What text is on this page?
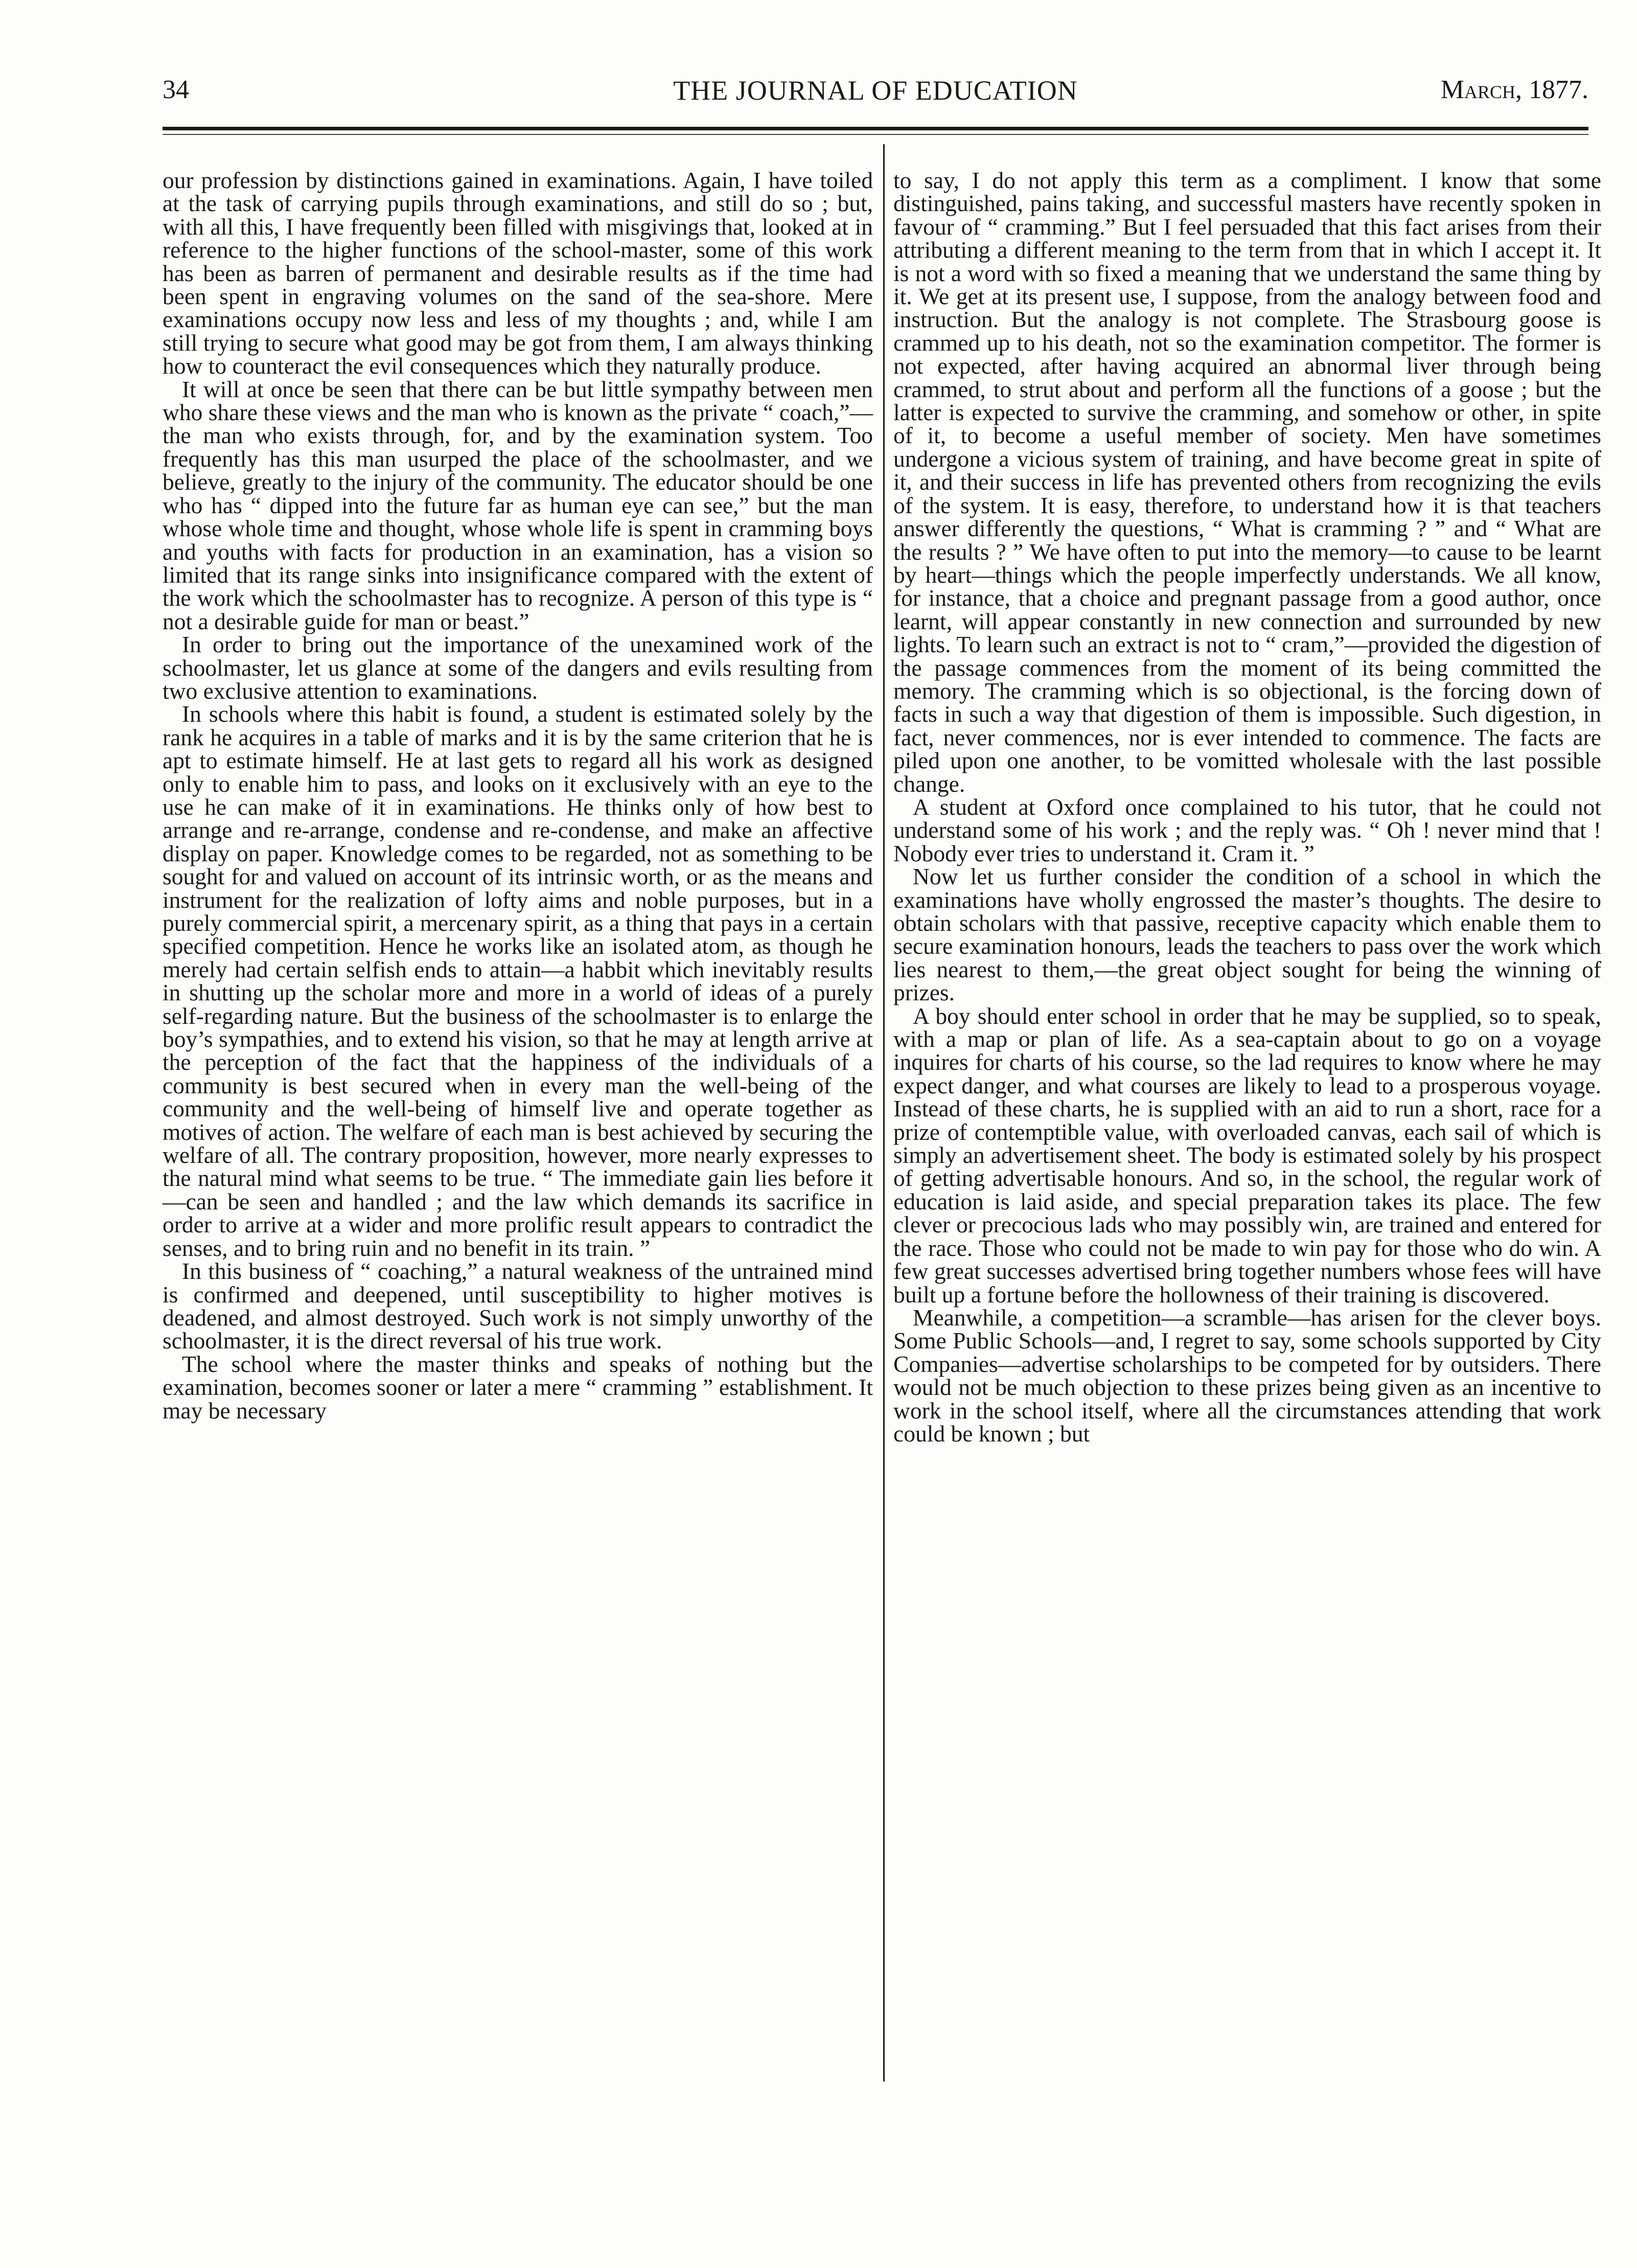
34	THE JOURNAL OF EDUCATION	March, 1877.

our profession by distinctions gained in examinations. Again, I have toiled at the task of carrying pupils through examinations, and still do so ; but, with all this, I have frequently been filled with misgivings that, looked at in reference to the higher functions of the school-master, some of this work has been as barren of permanent and desirable results as if the time had been spent in engraving volumes on the sand of the sea-shore. Mere examinations occupy now less and less of my thoughts ; and, while I am still trying to secure what good may be got from them, I am always thinking how to counteract the evil consequences which they naturally produce.

It will at once be seen that there can be but little sympathy between men who share these views and the man who is known as the private “ coach,”—the man who exists through, for, and by the examination system. Too frequently has this man usurped the place of the schoolmaster, and we believe, greatly to the injury of the community. The educator should be one who has “ dipped into the future far as human eye can see,” but the man whose whole time and thought, whose whole life is spent in cramming boys and youths with facts for production in an examination, has a vision so limited that its range sinks into insignificance compared with the extent of the work which the schoolmaster has to recognize. A person of this type is “ not a desirable guide for man or beast.”

In order to bring out the importance of the unexamined work of the schoolmaster, let us glance at some of the dangers and evils resulting from two exclusive attention to examinations.

In schools where this habit is found, a student is estimated solely by the rank he acquires in a table of marks and it is by the same criterion that he is apt to estimate himself. He at last gets to regard all his work as designed only to enable him to pass, and looks on it exclusively with an eye to the use he can make of it in examinations. He thinks only of how best to arrange and re-arrange, condense and re-condense, and make an affective display on paper. Knowledge comes to be regarded, not as something to be sought for and valued on account of its intrinsic worth, or as the means and instrument for the realization of lofty aims and noble purposes, but in a purely commercial spirit, a mercenary spirit, as a thing that pays in a certain specified competition. Hence he works like an isolated atom, as though he merely had certain selfish ends to attain—a habbit which inevitably results in shutting up the scholar more and more in a world of ideas of a purely self-regarding nature. But the business of the schoolmaster is to enlarge the boy’s sympathies, and to extend his vision, so that he may at length arrive at the perception of the fact that the happiness of the individuals of a community is best secured when in every man the well-being of the community and the well-being of himself live and operate together as motives of action. The welfare of each man is best achieved by securing the welfare of all. The contrary proposition, however, more nearly expresses to the natural mind what seems to be true. “ The immediate gain lies before it—can be seen and handled ; and the law which demands its sacrifice in order to arrive at a wider and more prolific result appears to contradict the senses, and to bring ruin and no benefit in its train. ”

In this business of “ coaching,” a natural weakness of the untrained mind is confirmed and deepened, until susceptibility to higher motives is deadened, and almost destroyed. Such work is not simply unworthy of the schoolmaster, it is the direct reversal of his true work.

The school where the master thinks and speaks of nothing but the examination, becomes sooner or later a mere “ cramming ” establishment. It may be necessary

to say, I do not apply this term as a compliment. I know that some distinguished, pains taking, and successful masters have recently spoken in favour of “ cramming.” But I feel persuaded that this fact arises from their attributing a different meaning to the term from that in which I accept it. It is not a word with so fixed a meaning that we understand the same thing by it. We get at its present use, I suppose, from the analogy between food and instruction. But the analogy is not complete. The Strasbourg goose is crammed up to his death, not so the examination competitor. The former is not expected, after having acquired an abnormal liver through being crammed, to strut about and perform all the functions of a goose ; but the latter is expected to survive the cramming, and somehow or other, in spite of it, to become a useful member of society. Men have sometimes undergone a vicious system of training, and have become great in spite of it, and their success in life has prevented others from recognizing the evils of the system. It is easy, therefore, to understand how it is that teachers answer differently the questions, “ What is cramming ? ” and “ What are the results ? ” We have often to put into the memory—to cause to be learnt by heart—things which the people imperfectly understands. We all know, for instance, that a choice and pregnant passage from a good author, once learnt, will appear constantly in new connection and surrounded by new lights. To learn such an extract is not to “ cram,”—provided the digestion of the passage commences from the moment of its being committed the memory. The cramming which is so objectional, is the forcing down of facts in such a way that digestion of them is impossible. Such digestion, in fact, never commences, nor is ever intended to commence. The facts are piled upon one another, to be vomitted wholesale with the last possible change.

A student at Oxford once complained to his tutor, that he could not understand some of his work ; and the reply was. “ Oh ! never mind that ! Nobody ever tries to understand it. Cram it. ”

Now let us further consider the condition of a school in which the examinations have wholly engrossed the master’s thoughts. The desire to obtain scholars with that passive, receptive capacity which enable them to secure examination honours, leads the teachers to pass over the work which lies nearest to them,—the great object sought for being the winning of prizes.

A boy should enter school in order that he may be supplied, so to speak, with a map or plan of life. As a sea-captain about to go on a voyage inquires for charts of his course, so the lad requires to know where he may expect danger, and what courses are likely to lead to a prosperous voyage. Instead of these charts, he is supplied with an aid to run a short, race for a prize of contemptible value, with overloaded canvas, each sail of which is simply an advertisement sheet. The body is estimated solely by his prospect of getting advertisable honours. And so, in the school, the regular work of education is laid aside, and special preparation takes its place. The few clever or precocious lads who may possibly win, are trained and entered for the race. Those who could not be made to win pay for those who do win. A few great successes advertised bring together numbers whose fees will have built up a fortune before the hollowness of their training is discovered.

Meanwhile, a competition—a scramble—has arisen for the clever boys. Some Public Schools—and, I regret to say, some schools supported by City Companies—advertise scholarships to be competed for by outsiders. There would not be much objection to these prizes being given as an incentive to work in the school itself, where all the circumstances attending that work could be known ; but
